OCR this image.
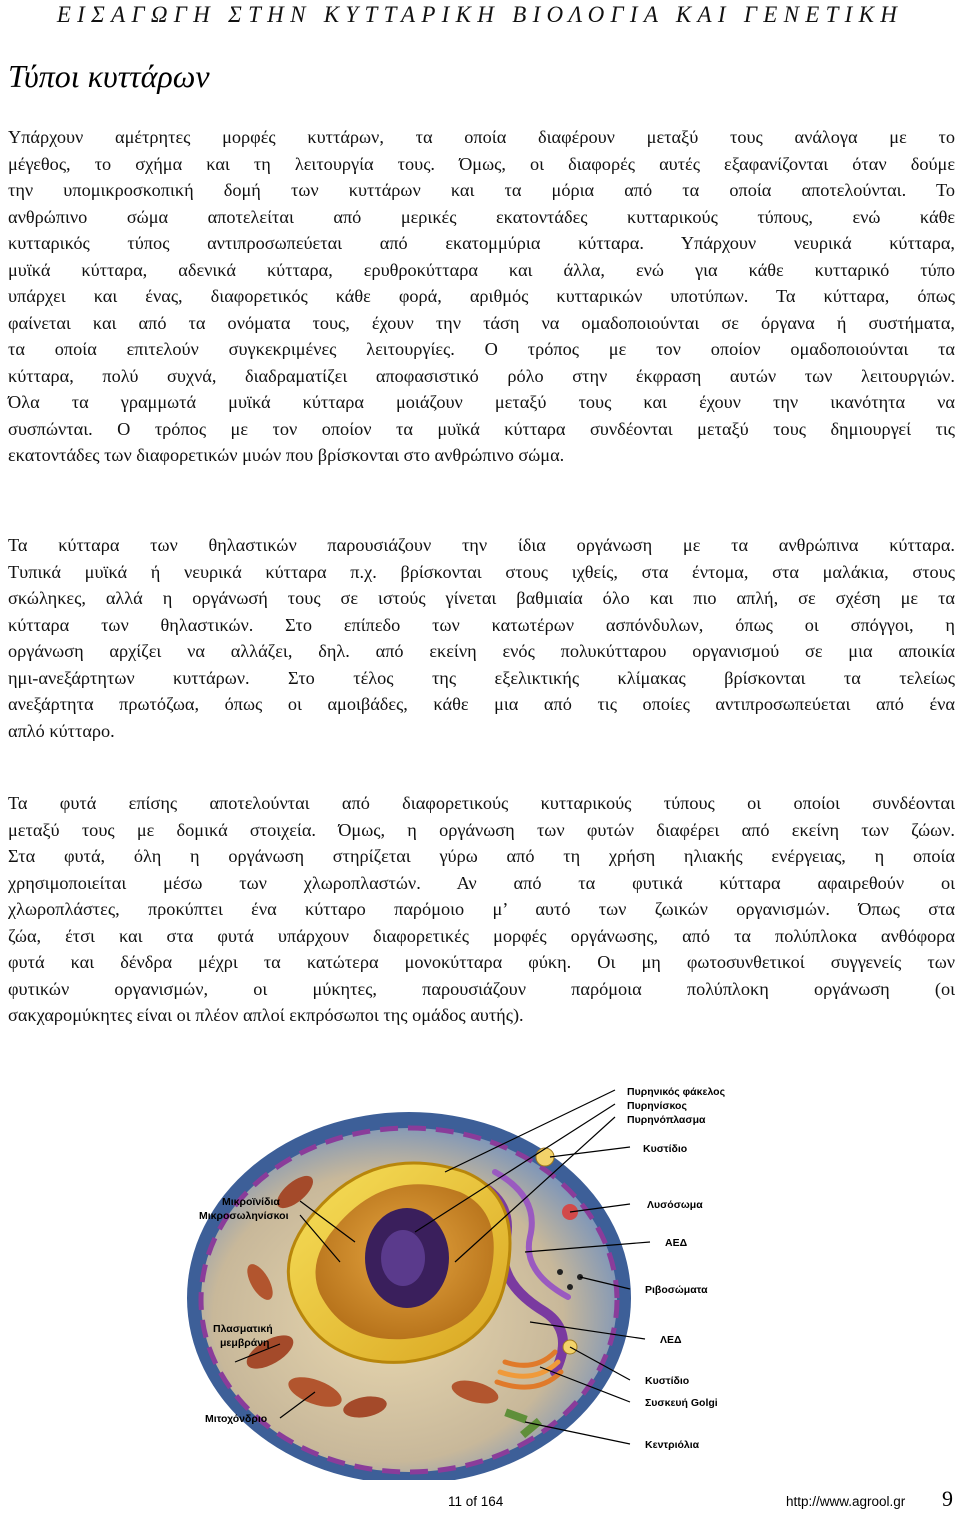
ΕΙΣΑΓΩΓΗ ΣΤΗΝ ΚΥΤΤΑΡΙΚΗ ΒΙΟΛΟΓΙΑ ΚΑΙ ΓΕΝΕΤΙΚΗ
Τύποι κυττάρων
Υπάρχουν αμέτρητες μορφές κυττάρων, τα οποία διαφέρουν μεταξύ τους ανάλογα με το
μέγεθος, το σχήμα και τη λειτουργία τους. Όμως, οι διαφορές αυτές εξαφανίζονται όταν δούμε
την υπομικροσκοπική δομή των κυττάρων και τα μόρια από τα οποία αποτελούνται. Το
ανθρώπινο σώμα αποτελείται από μερικές εκατοντάδες κυτταρικούς τύπους, ενώ κάθε
κυτταρικός τύπος αντιπροσωπεύεται από εκατομμύρια κύτταρα. Υπάρχουν νευρικά κύτταρα,
μυϊκά κύτταρα, αδενικά κύτταρα, ερυθροκύτταρα και άλλα, ενώ για κάθε κυτταρικό τύπο
υπάρχει και ένας, διαφορετικός κάθε φορά, αριθμός κυτταρικών υποτύπων. Τα κύτταρα, όπως
φαίνεται και από τα ονόματα τους, έχουν την τάση να ομαδοποιούνται σε όργανα ή συστήματα,
τα οποία επιτελούν συγκεκριμένες λειτουργίες. Ο τρόπος με τον οποίον ομαδοποιούνται τα
κύτταρα, πολύ συχνά, διαδραματίζει αποφασιστικό ρόλο στην έκφραση αυτών των λειτουργιών.
Όλα τα γραμμωτά μυϊκά κύτταρα μοιάζουν μεταξύ τους και έχουν την ικανότητα να
συσπώνται. Ο τρόπος με τον οποίον τα μυϊκά κύτταρα συνδέονται μεταξύ τους δημιουργεί τις
εκατοντάδες των διαφορετικών μυών που βρίσκονται στο ανθρώπινο σώμα.
Τα κύτταρα των θηλαστικών παρουσιάζουν την ίδια οργάνωση με τα ανθρώπινα κύτταρα.
Τυπικά μυϊκά ή νευρικά κύτταρα π.χ. βρίσκονται στους ιχθείς, στα έντομα, στα μαλάκια, στους
σκώληκες, αλλά η οργάνωσή τους σε ιστούς γίνεται βαθμιαία όλο και πιο απλή, σε σχέση με τα
κύτταρα των θηλαστικών. Στο επίπεδο των κατωτέρων ασπόνδυλων, όπως οι σπόγγοι, η
οργάνωση αρχίζει να αλλάζει, δηλ. από εκείνη ενός πολυκύτταρου οργανισμού σε μια αποικία
ημι-ανεξάρτητων κυττάρων. Στο τέλος της εξελικτικής κλίμακας βρίσκονται τα τελείως
ανεξάρτητα πρωτόζωα, όπως οι αμοιβάδες, κάθε μια από τις οποίες αντιπροσωπεύεται από ένα
απλό κύτταρο.
Τα φυτά επίσης αποτελούνται από διαφορετικούς κυτταρικούς τύπους οι οποίοι συνδέονται
μεταξύ τους με δομικά στοιχεία. Όμως, η οργάνωση των φυτών διαφέρει από εκείνη των ζώων.
Στα φυτά, όλη η οργάνωση στηρίζεται γύρω από τη χρήση ηλιακής ενέργειας, η οποία
χρησιμοποιείται μέσω των χλωροπλαστών. Αν από τα φυτικά κύτταρα αφαιρεθούν οι
χλωροπλάστες, προκύπτει ένα κύτταρο παρόμοιο μ’ αυτό των ζωικών οργανισμών. Όπως στα
ζώα, έτσι και στα φυτά υπάρχουν διαφορετικές μορφές οργάνωσης, από τα πολύπλοκα ανθόφορα
φυτά και δένδρα μέχρι τα κατώτερα μονοκύτταρα φύκη. Οι μη φωτοσυνθετικοί συγγενείς των
φυτικών οργανισμών, οι μύκητες, παρουσιάζουν παρόμοια πολύπλοκη οργάνωση (οι
σακχαρομύκητες είναι οι πλέον απλοί εκπρόσωποι της ομάδος αυτής).
Πυρηνικός φάκελος
Πυρηνίσκος
Πυρηνόπλασμα
Κυστίδιο
Λυσόσωμα
ΑΕΔ
Ριβοσώματα
ΛΕΔ
Κυστίδιο
Συσκευή Golgi
Κεντριόλια
Μικροϊνίδια
Μικροσωληνίσκοι
Πλασματική
μεμβράνη
Μιτοχόνδριο
11 of 164	http://www.agrool.gr 9
